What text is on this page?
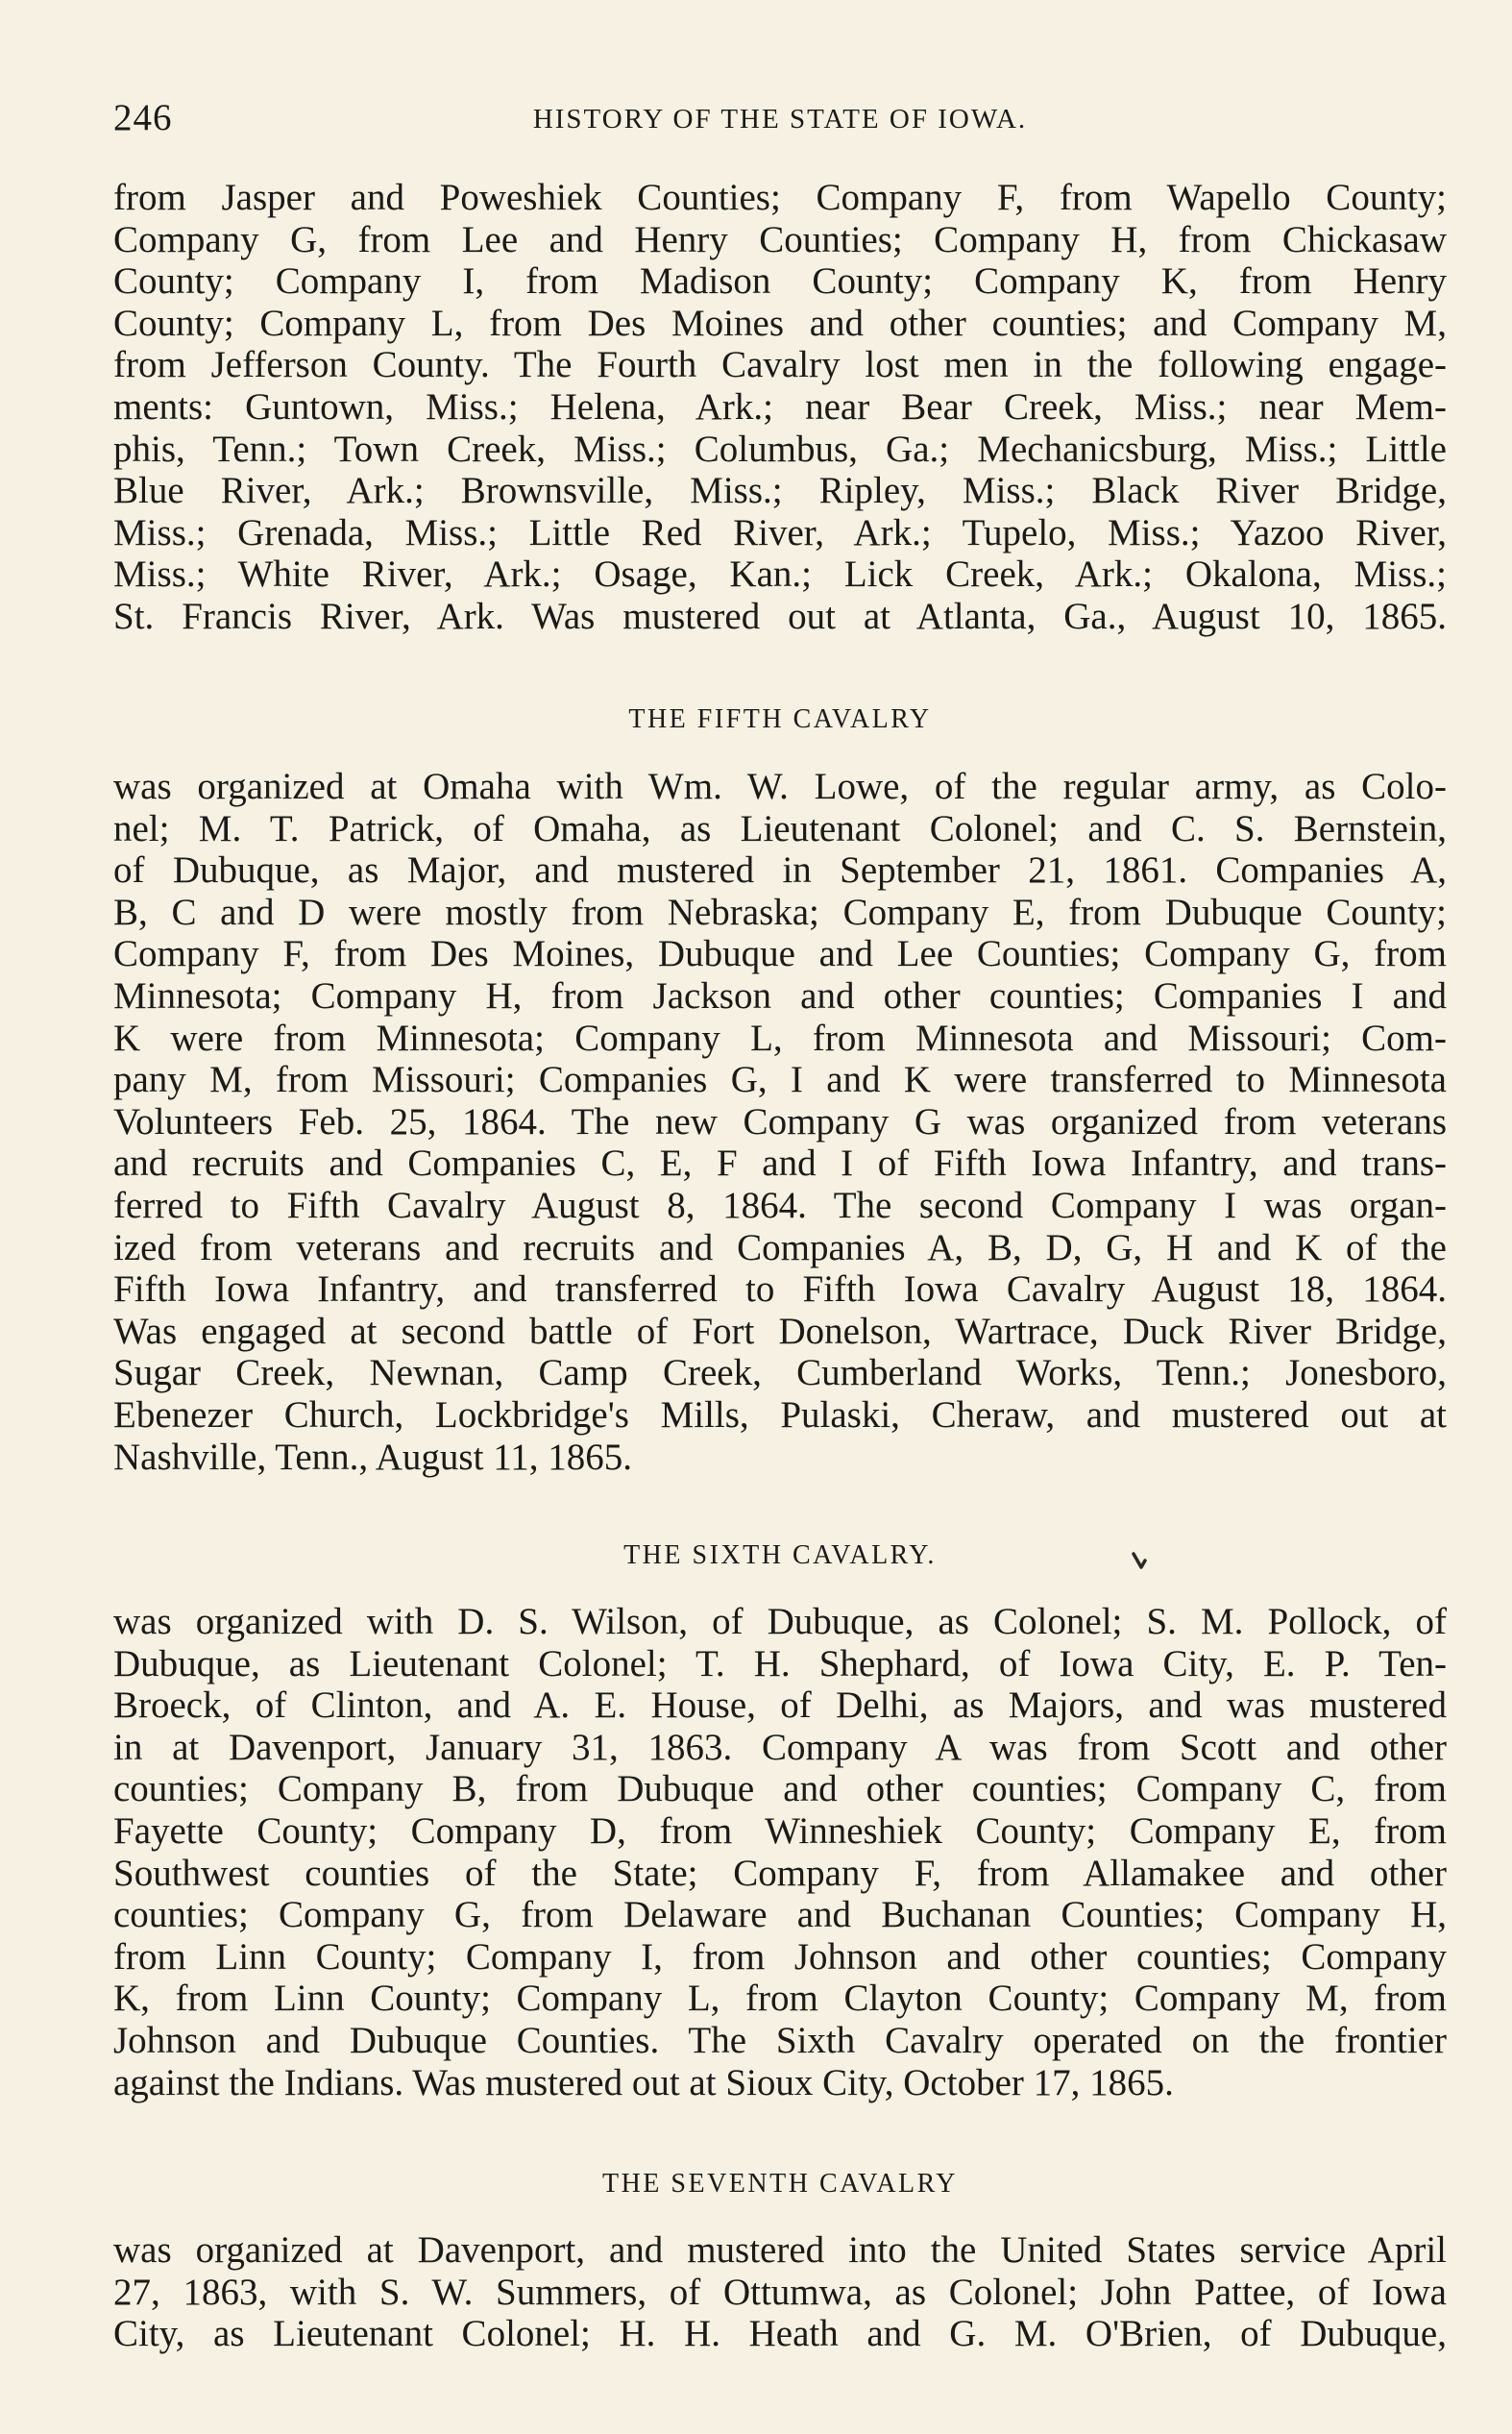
246	HISTORY OF THE STATE OF IOWA.
from Jasper and Poweshiek Counties; Company F, from Wapello County;
Company G, from Lee and Henry Counties; Company H, from Chickasaw
County; Company I, from Madison County; Company K, from Henry
County; Company L, from Des Moines and other counties; and Company M,
from Jefferson County. The Fourth Cavalry lost men in the following engage-
ments: Guntown, Miss.; Helena, Ark.; near Bear Creek, Miss.; near Mem-
phis, Tenn.; Town Creek, Miss.; Columbus, Ga.; Mechanicsburg, Miss.; Little
Blue River, Ark.; Brownsville, Miss.; Ripley, Miss.; Black River Bridge,
Miss.; Grenada, Miss.; Little Red River, Ark.; Tupelo, Miss.; Yazoo River,
Miss.; White River, Ark.; Osage, Kan.; Lick Creek, Ark.; Okalona, Miss.;
St. Francis River, Ark. Was mustered out at Atlanta, Ga., August 10, 1865.
THE FIFTH CAVALRY
was organized at Omaha with Wm. W. Lowe, of the regular army, as Colo-
nel; M. T. Patrick, of Omaha, as Lieutenant Colonel; and C. S. Bernstein,
of Dubuque, as Major, and mustered in September 21, 1861. Companies A,
B, C and D were mostly from Nebraska; Company E, from Dubuque County;
Company F, from Des Moines, Dubuque and Lee Counties; Company G, from
Minnesota; Company H, from Jackson and other counties; Companies I and
K were from Minnesota; Company L, from Minnesota and Missouri; Com-
pany M, from Missouri; Companies G, I and K were transferred to Minnesota
Volunteers Feb. 25, 1864. The new Company G was organized from veterans
and recruits and Companies C, E, F and I of Fifth Iowa Infantry, and trans-
ferred to Fifth Cavalry August 8, 1864. The second Company I was organ-
ized from veterans and recruits and Companies A, B, D, G, H and K of the
Fifth Iowa Infantry, and transferred to Fifth Iowa Cavalry August 18, 1864.
Was engaged at second battle of Fort Donelson, Wartrace, Duck River Bridge,
Sugar Creek, Newnan, Camp Creek, Cumberland Works, Tenn.; Jonesboro,
Ebenezer Church, Lockbridge's Mills, Pulaski, Cheraw, and mustered out at
Nashville, Tenn., August 11, 1865.
THE SIXTH CAVALRY.
was organized with D. S. Wilson, of Dubuque, as Colonel; S. M. Pollock, of
Dubuque, as Lieutenant Colonel; T. H. Shephard, of Iowa City, E. P. Ten-
Broeck, of Clinton, and A. E. House, of Delhi, as Majors, and was mustered
in at Davenport, January 31, 1863. Company A was from Scott and other
counties; Company B, from Dubuque and other counties; Company C, from
Fayette County; Company D, from Winneshiek County; Company E, from
Southwest counties of the State; Company F, from Allamakee and other
counties; Company G, from Delaware and Buchanan Counties; Company H,
from Linn County; Company I, from Johnson and other counties; Company
K, from Linn County; Company L, from Clayton County; Company M, from
Johnson and Dubuque Counties. The Sixth Cavalry operated on the frontier
against the Indians. Was mustered out at Sioux City, October 17, 1865.
THE SEVENTH CAVALRY
was organized at Davenport, and mustered into the United States service April
27, 1863, with S. W. Summers, of Ottumwa, as Colonel; John Pattee, of Iowa
City, as Lieutenant Colonel; H. H. Heath and G. M. O'Brien, of Dubuque,
